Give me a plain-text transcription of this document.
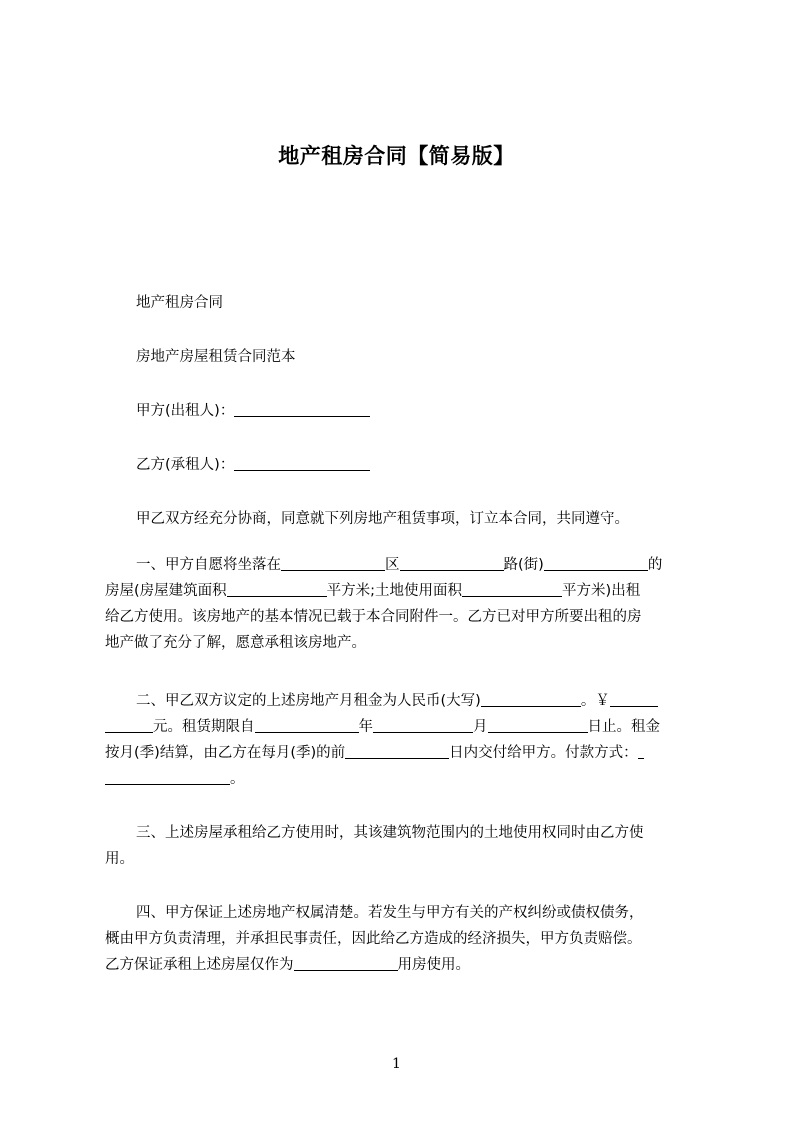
地产租房合同【简易版】
地产租房合同
房地产房屋租赁合同范本
甲方(出租人)：
乙方(承租人)：
甲乙双方经充分协商，同意就下列房地产租赁事项，订立本合同，共同遵守。
一、甲方自愿将坐落在	区	路(街)	的
房屋(房屋建筑面积	平方米;土地使用面积	平方米)出租
给乙方使用。该房地产的基本情况已载于本合同附件一。乙方已对甲方所要出租的房
地产做了充分了解，愿意承租该房地产。
二、甲乙双方议定的上述房地产月租金为人民币(大写)	。￥
元。租赁期限自	年	月	日止。租金
按月(季)结算，由乙方在每月(季)的前	日内交付给甲方。付款方式：
。
三、上述房屋承租给乙方使用时，其该建筑物范围内的土地使用权同时由乙方使
用。
四、甲方保证上述房地产权属清楚。若发生与甲方有关的产权纠纷或债权债务，
概由甲方负责清理，并承担民事责任，因此给乙方造成的经济损失，甲方负责赔偿。
乙方保证承租上述房屋仅作为	用房使用。
1
